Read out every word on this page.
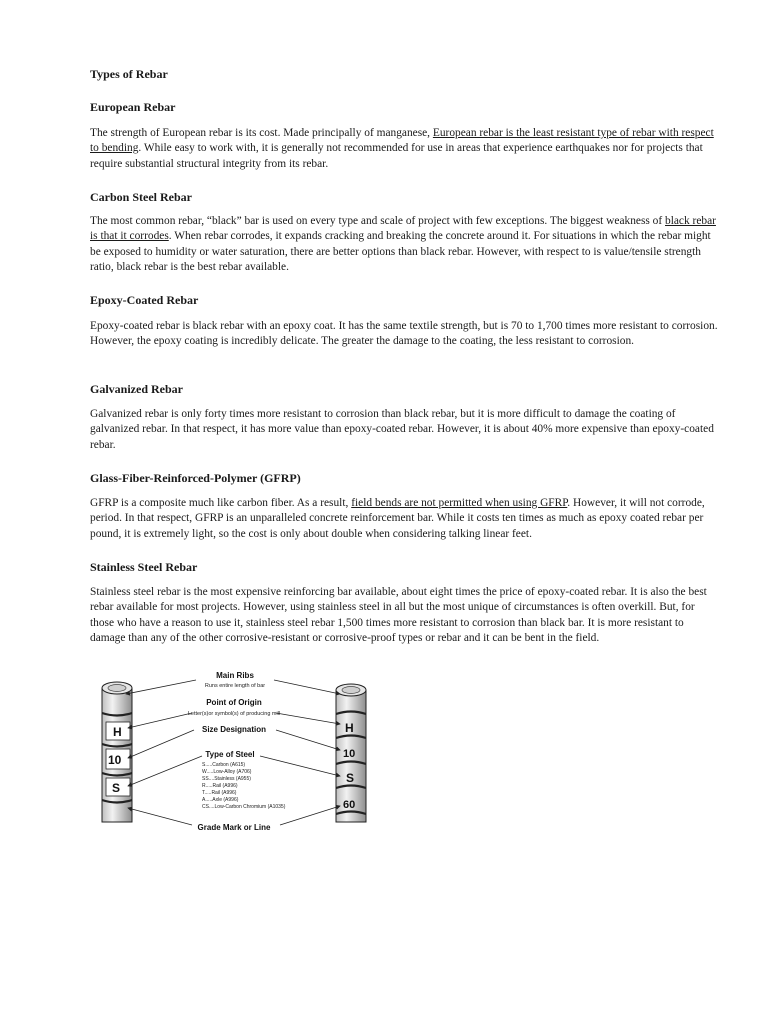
Types of Rebar
European Rebar
The strength of European rebar is its cost. Made principally of manganese, European rebar is the least resistant type of rebar with respect to bending. While easy to work with, it is generally not recommended for use in areas that experience earthquakes nor for projects that require substantial structural integrity from its rebar.
Carbon Steel Rebar
The most common rebar, “black” bar is used on every type and scale of project with few exceptions. The biggest weakness of black rebar is that it corrodes. When rebar corrodes, it expands cracking and breaking the concrete around it. For situations in which the rebar might be exposed to humidity or water saturation, there are better options than black rebar. However, with respect to is value/tensile strength ratio, black rebar is the best rebar available.
Epoxy-Coated Rebar
Epoxy-coated rebar is black rebar with an epoxy coat. It has the same textile strength, but is 70 to 1,700 times more resistant to corrosion. However, the epoxy coating is incredibly delicate. The greater the damage to the coating, the less resistant to corrosion.
Galvanized Rebar
Galvanized rebar is only forty times more resistant to corrosion than black rebar, but it is more difficult to damage the coating of galvanized rebar. In that respect, it has more value than epoxy-coated rebar. However, it is about 40% more expensive than epoxy-coated rebar.
Glass-Fiber-Reinforced-Polymer (GFRP)
GFRP is a composite much like carbon fiber. As a result, field bends are not permitted when using GFRP. However, it will not corrode, period. In that respect, GFRP is an unparalleled concrete reinforcement bar. While it costs ten times as much as epoxy coated rebar per pound, it is extremely light, so the cost is only about double when considering talking linear feet.
Stainless Steel Rebar
Stainless steel rebar is the most expensive reinforcing bar available, about eight times the price of epoxy-coated rebar. It is also the best rebar available for most projects. However, using stainless steel in all but the most unique of circumstances is often overkill. But, for those who have a reason to use it, stainless steel rebar 1,500 times more resistant to corrosion than black bar. It is more resistant to damage than any of the other corrosive-resistant or corrosive-proof types or rebar and it can be bent in the field.
H
10
S
H
10
S
60
Main Ribs
Runs entire length of bar
Point of Origin
Letter(s)or symbol(s) of producing mill
Size Designation
Type of Steel
S.....Carbon (A615)
W.....Low-Alloy (A706)
SS....Stainless (A955)
R.....Rail (A996)
T.....Rail (A996)
A.....Axle (A996)
CS....Low-Carbon Chromium (A1035)
Grade Mark or Line
